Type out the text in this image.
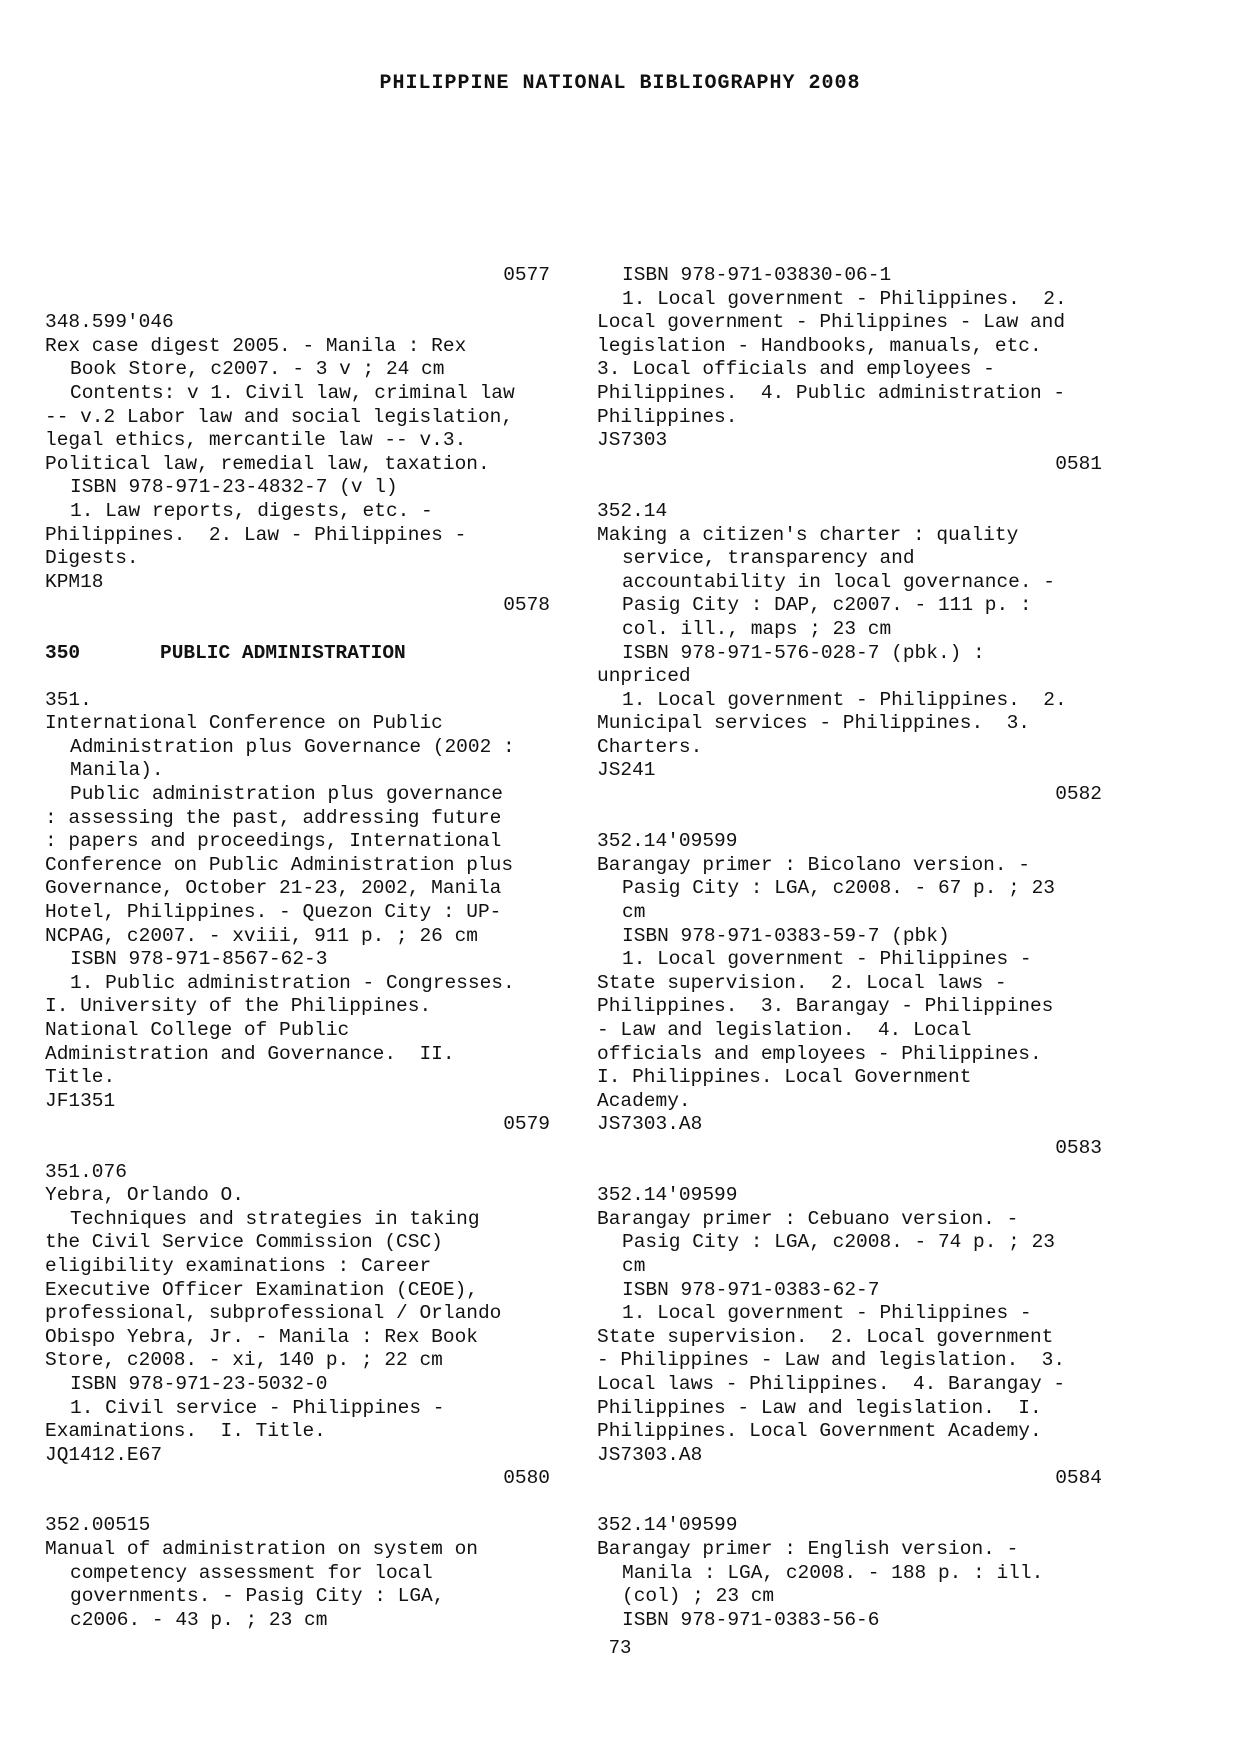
PHILIPPINE NATIONAL BIBLIOGRAPHY 2008
0577
348.599'046
Rex case digest 2005. - Manila : Rex
Book Store, c2007. - 3 v ; 24 cm
Contents: v 1. Civil law, criminal law
-- v.2 Labor law and social legislation,
legal ethics, mercantile law -- v.3.
Political law, remedial law, taxation.
ISBN 978-971-23-4832-7 (v l)
1. Law reports, digests, etc. -
Philippines.  2. Law - Philippines -
Digests.
KPM18
0578
350	PUBLIC ADMINISTRATION
351.
International Conference on Public
Administration plus Governance (2002 :
Manila).
Public administration plus governance
: assessing the past, addressing future
: papers and proceedings, International
Conference on Public Administration plus
Governance, October 21-23, 2002, Manila
Hotel, Philippines. - Quezon City : UP-
NCPAG, c2007. - xviii, 911 p. ; 26 cm
ISBN 978-971-8567-62-3
1. Public administration - Congresses.
I. University of the Philippines.
National College of Public
Administration and Governance.  II.
Title.
JF1351
0579
351.076
Yebra, Orlando O.
Techniques and strategies in taking
the Civil Service Commission (CSC)
eligibility examinations : Career
Executive Officer Examination (CEOE),
professional, subprofessional / Orlando
Obispo Yebra, Jr. - Manila : Rex Book
Store, c2008. - xi, 140 p. ; 22 cm
ISBN 978-971-23-5032-0
1. Civil service - Philippines -
Examinations.  I. Title.
JQ1412.E67
0580
352.00515
Manual of administration on system on
competency assessment for local
governments. - Pasig City : LGA,
c2006. - 43 p. ; 23 cm
ISBN 978-971-03830-06-1
1. Local government - Philippines.  2.
Local government - Philippines - Law and
legislation - Handbooks, manuals, etc.
3. Local officials and employees -
Philippines.  4. Public administration -
Philippines.
JS7303
0581
352.14
Making a citizen's charter : quality
service, transparency and
accountability in local governance. -
Pasig City : DAP, c2007. - 111 p. :
col. ill., maps ; 23 cm
ISBN 978-971-576-028-7 (pbk.) :
unpriced
1. Local government - Philippines.  2.
Municipal services - Philippines.  3.
Charters.
JS241
0582
352.14'09599
Barangay primer : Bicolano version. -
Pasig City : LGA, c2008. - 67 p. ; 23
cm
ISBN 978-971-0383-59-7 (pbk)
1. Local government - Philippines -
State supervision.  2. Local laws -
Philippines.  3. Barangay - Philippines
- Law and legislation.  4. Local
officials and employees - Philippines.
I. Philippines. Local Government
Academy.
JS7303.A8
0583
352.14'09599
Barangay primer : Cebuano version. -
Pasig City : LGA, c2008. - 74 p. ; 23
cm
ISBN 978-971-0383-62-7
1. Local government - Philippines -
State supervision.  2. Local government
- Philippines - Law and legislation.  3.
Local laws - Philippines.  4. Barangay -
Philippines - Law and legislation.  I.
Philippines. Local Government Academy.
JS7303.A8
0584
352.14'09599
Barangay primer : English version. -
Manila : LGA, c2008. - 188 p. : ill.
(col) ; 23 cm
ISBN 978-971-0383-56-6
73
